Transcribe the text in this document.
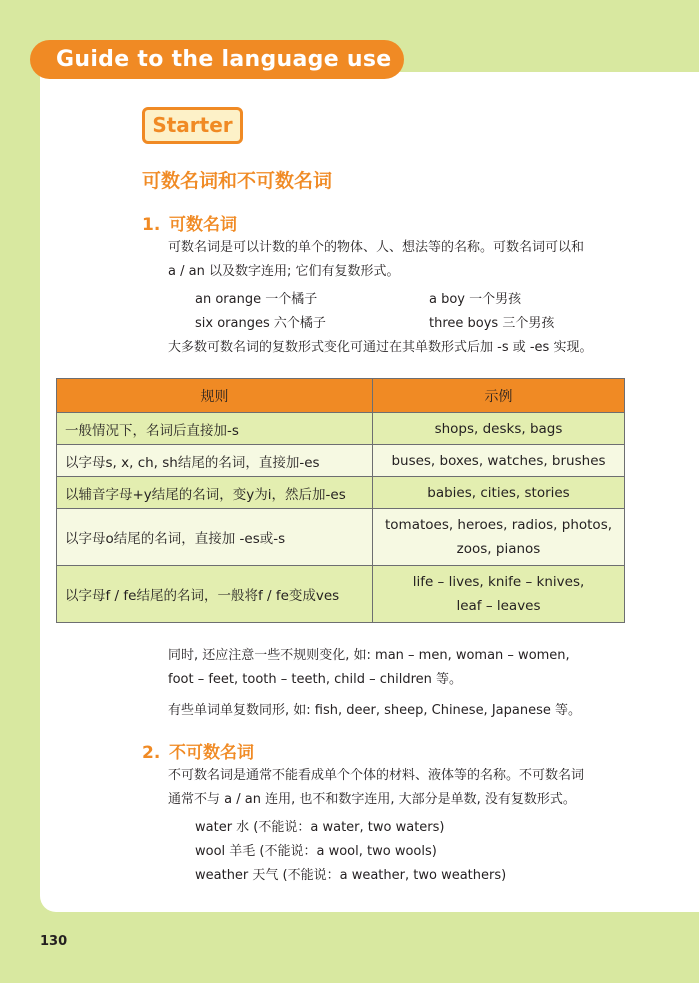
Guide to the language use
Starter
可数名词和不可数名词
1. 可数名词
可数名词是可以计数的单个的物体、人、想法等的名称。可数名词可以和
a / an 以及数字连用; 它们有复数形式。
an orange 一个橘子	a boy 一个男孩
six oranges 六个橘子	three boys 三个男孩
大多数可数名词的复数形式变化可通过在其单数形式后加 -s 或 -es 实现。
规则	示例
一般情况下，名词后直接加-s	shops, desks, bags
以字母s, x, ch, sh结尾的名词，直接加-es	buses, boxes, watches, brushes
以辅音字母+y结尾的名词，变y为i，然后加-es	babies, cities, stories
以字母o结尾的名词，直接加 -es或-s	tomatoes, heroes, radios, photos,
zoos, pianos

以字母f / fe结尾的名词，一般将f / fe变成ves	life – lives, knife – knives,
leaf – leaves
同时, 还应注意一些不规则变化, 如: man – men, woman – women,
foot – feet, tooth – teeth, child – children 等。
有些单词单复数同形, 如: fish, deer, sheep, Chinese, Japanese 等。
2. 不可数名词
不可数名词是通常不能看成单个个体的材料、液体等的名称。不可数名词
通常不与 a / an 连用, 也不和数字连用, 大部分是单数, 没有复数形式。
water 水 (不能说：a water, two waters)
wool 羊毛 (不能说：a wool, two wools)
weather 天气 (不能说：a weather, two weathers)
130
